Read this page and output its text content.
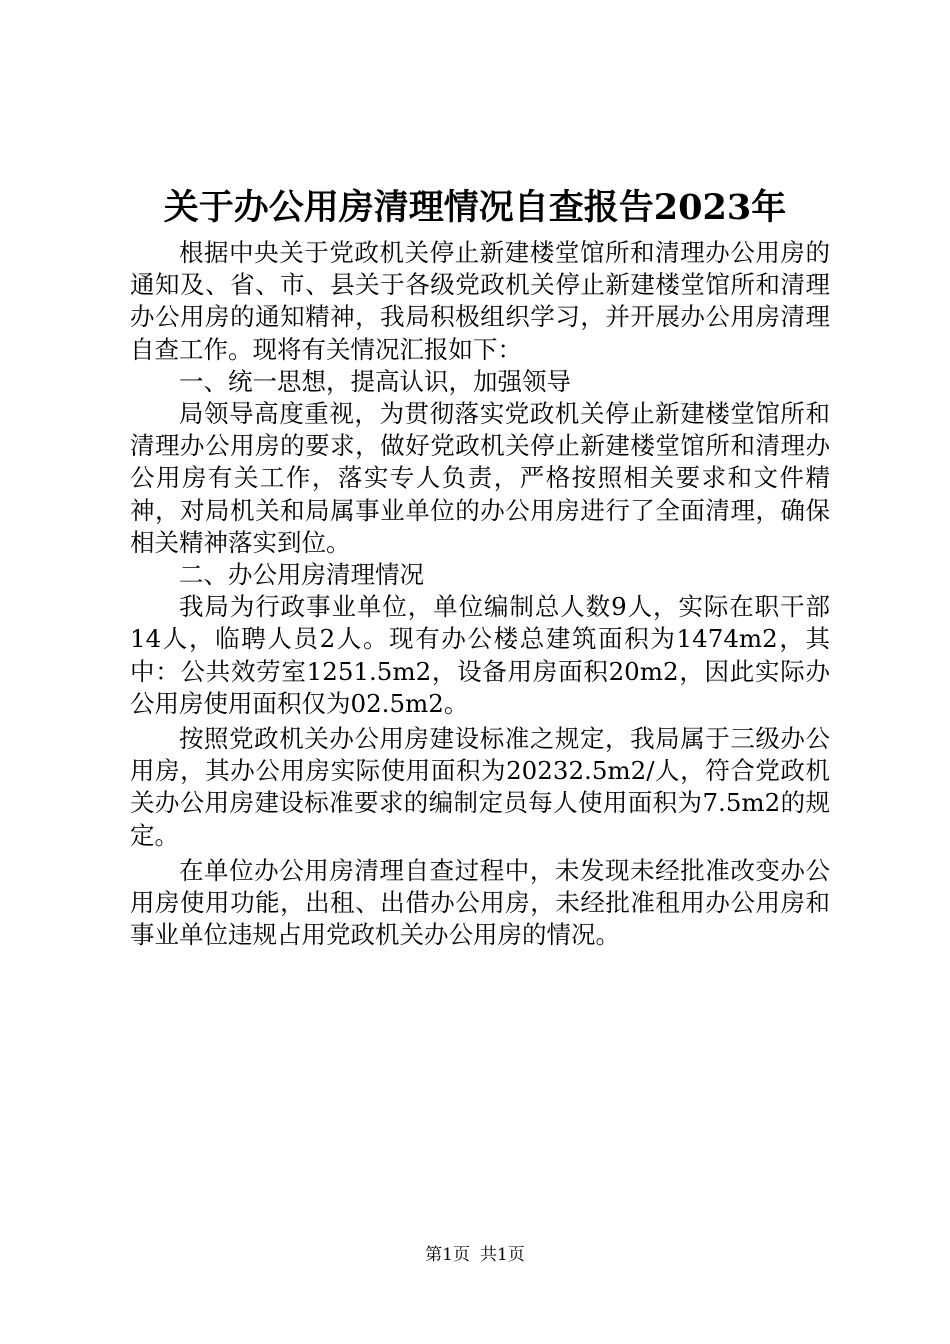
关于办公用房清理情况自查报告2023年

根据中央关于党政机关停止新建楼堂馆所和清理办公用房的通知及、省、市、县关于各级党政机关停止新建楼堂馆所和清理办公用房的通知精神，我局积极组织学习，并开展办公用房清理自查工作。现将有关情况汇报如下：

一、统一思想，提高认识，加强领导

局领导高度重视，为贯彻落实党政机关停止新建楼堂馆所和清理办公用房的要求，做好党政机关停止新建楼堂馆所和清理办公用房有关工作，落实专人负责，严格按照相关要求和文件精神，对局机关和局属事业单位的办公用房进行了全面清理，确保相关精神落实到位。

二、办公用房清理情况

我局为行政事业单位，单位编制总人数9人，实际在职干部14人，临聘人员2人。现有办公楼总建筑面积为1474m2，其中：公共效劳室1251.5m2，设备用房面积20m2，因此实际办公用房使用面积仅为02.5m2。

按照党政机关办公用房建设标准之规定，我局属于三级办公用房，其办公用房实际使用面积为20232.5m2/人，符合党政机关办公用房建设标准要求的编制定员每人使用面积为7.5m2的规定。

在单位办公用房清理自查过程中，未发现未经批准改变办公用房使用功能，出租、出借办公用房，未经批准租用办公用房和事业单位违规占用党政机关办公用房的情况。

第1页 共1页
